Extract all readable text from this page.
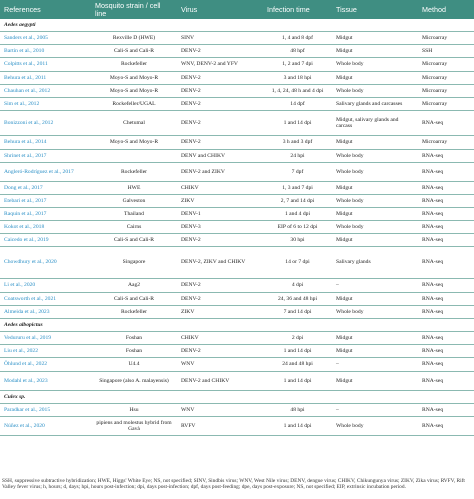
References	Mosquito strain / cell line	Virus	Infection time	Tissue	Method
Aedes aegypti					
Sanders et al., 2005	Rexville D (HWE)	SINV	1, 4 and 8 dpf	Midgut	Microarray
Bartin et al., 2010	Cali-S and Cali-R	DENV-2	48 hpf	Midgut	SSH
Colpitts et al., 2011	Rockefeller	WNV, DENV-2 and YFV	1, 2 and 7 dpi	Whole body	Microarray
Behura et al., 2011	Moyo-S and Moyo-R	DENV-2	3 and 18 hpi	Midgut	Microarray
Chauhan et al., 2012	Moyo-S and Moyo-R	DENV-2	1, 4, 24, 48 h and 4 dpi	Whole body	Microarray
Sim et al., 2012	Rockefeller/UGAL	DENV-2	14 dpf	Salivary glands and carcasses	Microarray
Bonizzoni et al., 2012	Chetumal	DENV-2	1 and 14 dpi	Midgut, salivary glands and carcass	RNA-seq
Behura et al., 2014	Moyo-S and Moyo-R	DENV-2	3 h and 3 dpf	Midgut	Microarray
Shrinet et al., 2017		DENV and CHIKV	24 hpi	Whole body	RNA-seq
Angleró-Rodríguez et al., 2017	Rockefeller	DENV-2 and ZIKV	7 dpf	Whole body	RNA-seq
Dong et al., 2017	HWE	CHIKV	1, 3 and 7 dpi	Midgut	RNA-seq
Etebari et al., 2017	Galveston	ZIKV	2, 7 and 14 dpi	Whole body	RNA-seq
Raquin et al., 2017	Thailand	DENV-1	1 and 4 dpi	Midgut	RNA-seq
Kokot et al., 2018	Cairns	DENV-3	EIP of 6 to 12 dpi	Whole body	RNA-seq
Caicedo et al., 2019	Cali-S and Cali-R	DENV-2	30 hpi	Midgut	RNA-seq
Chowdhury et al., 2020	Singapore	DENV-2, ZIKV and CHIKV	14 or 7 dpi	Salivary glands	RNA-seq
Li et al., 2020	Aag2	DENV-2	4 dpi	–	RNA-seq
Coatsworth et al., 2021	Cali-S and Cali-R	DENV-2	24, 36 and 48 hpi	Midgut	RNA-seq
Almeida et al., 2023	Rockefeller	ZIKV	7 and 14 dpi	Whole body	RNA-seq
Aedes albopictus					
Vedururu et al., 2019	Foshan	CHIKV	2 dpi	Midgut	RNA-seq
Liu et al., 2022	Foshan	DENV-2	1 and 14 dpi	Midgut	RNA-seq
Öhlund et al., 2022	U4.4	WNV	24 and 48 hpi	–	RNA-seq
Modahl et al., 2023	Singapore (also A. malayensis)	DENV-2 and CHIKV	1 and 14 dpi	Midgut	RNA-seq
Culex sp.					
Paradkar et al., 2015	Hsu	WNV	48 hpi	–	RNA-seq
Núñez et al., 2020	pipiens and molestus hybrid from Gavà	RVFV	1 and 14 dpi	Whole body	RNA-seq
SSH, suppressive subtractive hybridization; HWE, Higgs' White Eye; NS, not specified; SINV, Sindbis virus; WNV, West Nile virus; DENV, dengue virus; CHIKV, Chikungunya virus; ZIKV, Zika virus; RVFV, Rift Valley fever virus; h, hours; d, days; hpi, hours post-infection; dpi, days post-infection; dpf, days post-feeding; dpe, days post-exposure; NS, not specified; EIP, extrinsic incubation period.
